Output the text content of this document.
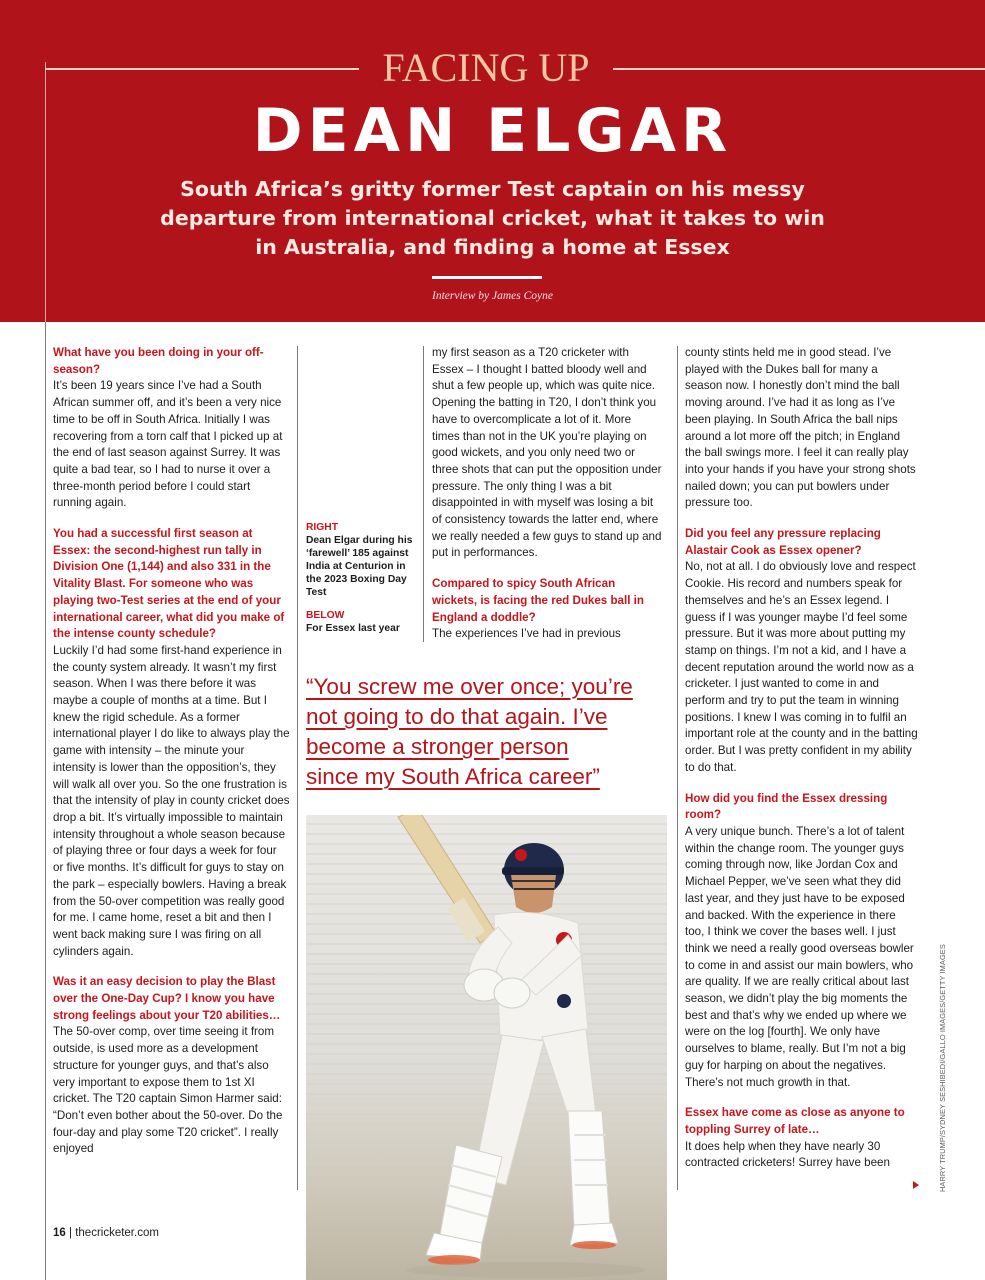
FACING UP
DEAN ELGAR
South Africa’s gritty former Test captain on his messy departure from international cricket, what it takes to win in Australia, and finding a home at Essex
Interview by James Coyne

What have you been doing in your off-season?
It’s been 19 years since I’ve had a South African summer off, and it’s been a very nice time to be off in South Africa. Initially I was recovering from a torn calf that I picked up at the end of last season against Surrey. It was quite a bad tear, so I had to nurse it over a three-month period before I could start running again.

You had a successful first season at Essex: the second-highest run tally in Division One (1,144) and also 331 in the Vitality Blast. For someone who was playing two-Test series at the end of your international career, what did you make of the intense county schedule?
Luckily I’d had some first-hand experience in the county system already. It wasn’t my first season. When I was there before it was maybe a couple of months at a time. But I knew the rigid schedule. As a former international player I do like to always play the game with intensity – the minute your intensity is lower than the opposition’s, they will walk all over you. So the one frustration is that the intensity of play in county cricket does drop a bit. It’s virtually impossible to maintain intensity throughout a whole season because of playing three or four days a week for four or five months. It’s difficult for guys to stay on the park – especially bowlers. Having a break from the 50-over competition was really good for me. I came home, reset a bit and then I went back making sure I was firing on all cylinders again.

Was it an easy decision to play the Blast over the One-Day Cup? I know you have strong feelings about your T20 abilities…
The 50-over comp, over time seeing it from outside, is used more as a development structure for younger guys, and that’s also very important to expose them to 1st XI cricket. The T20 captain Simon Harmer said: “Don’t even bother about the 50-over. Do the four-day and play some T20 cricket”. I really enjoyed

RIGHT
Dean Elgar during his ‘farewell’ 185 against India at Centurion in the 2023 Boxing Day Test
BELOW
For Essex last year

my first season as a T20 cricketer with Essex – I thought I batted bloody well and shut a few people up, which was quite nice. Opening the batting in T20, I don’t think you have to overcomplicate a lot of it. More times than not in the UK you’re playing on good wickets, and you only need two or three shots that can put the opposition under pressure. The only thing I was a bit disappointed in with myself was losing a bit of consistency towards the latter end, where we really needed a few guys to stand up and put in performances.

Compared to spicy South African wickets, is facing the red Dukes ball in England a doddle?
The experiences I’ve had in previous

“You screw me over once; you’re
not going to do that again. I’ve
become a stronger person
since my South Africa career”

county stints held me in good stead. I’ve played with the Dukes ball for many a season now. I honestly don’t mind the ball moving around. I’ve had it as long as I’ve been playing. In South Africa the ball nips around a lot more off the pitch; in England the ball swings more. I feel it can really play into your hands if you have your strong shots nailed down; you can put bowlers under pressure too.

Did you feel any pressure replacing Alastair Cook as Essex opener?
No, not at all. I do obviously love and respect Cookie. His record and numbers speak for themselves and he’s an Essex legend. I guess if I was younger maybe I’d feel some pressure. But it was more about putting my stamp on things. I’m not a kid, and I have a decent reputation around the world now as a cricketer. I just wanted to come in and perform and try to put the team in winning positions. I knew I was coming in to fulfil an important role at the county and in the batting order. But I was pretty confident in my ability to do that.

How did you find the Essex dressing room?
A very unique bunch. There’s a lot of talent within the change room. The younger guys coming through now, like Jordan Cox and Michael Pepper, we’ve seen what they did last year, and they just have to be exposed and backed. With the experience in there too, I think we cover the bases well. I just think we need a really good overseas bowler to come in and assist our main bowlers, who are quality. If we are really critical about last season, we didn’t play the big moments the best and that’s why we ended up where we were on the log [fourth]. We only have ourselves to blame, really. But I’m not a big guy for harping on about the negatives. There’s not much growth in that.

Essex have come as close as anyone to toppling Surrey of late…
It does help when they have nearly 30 contracted cricketers! Surrey have been	HARRY TRUMP/SYDNEY SESHIBEDI/GALLO IMAGES/GETTY IMAGES
16 | thecricketer.com
